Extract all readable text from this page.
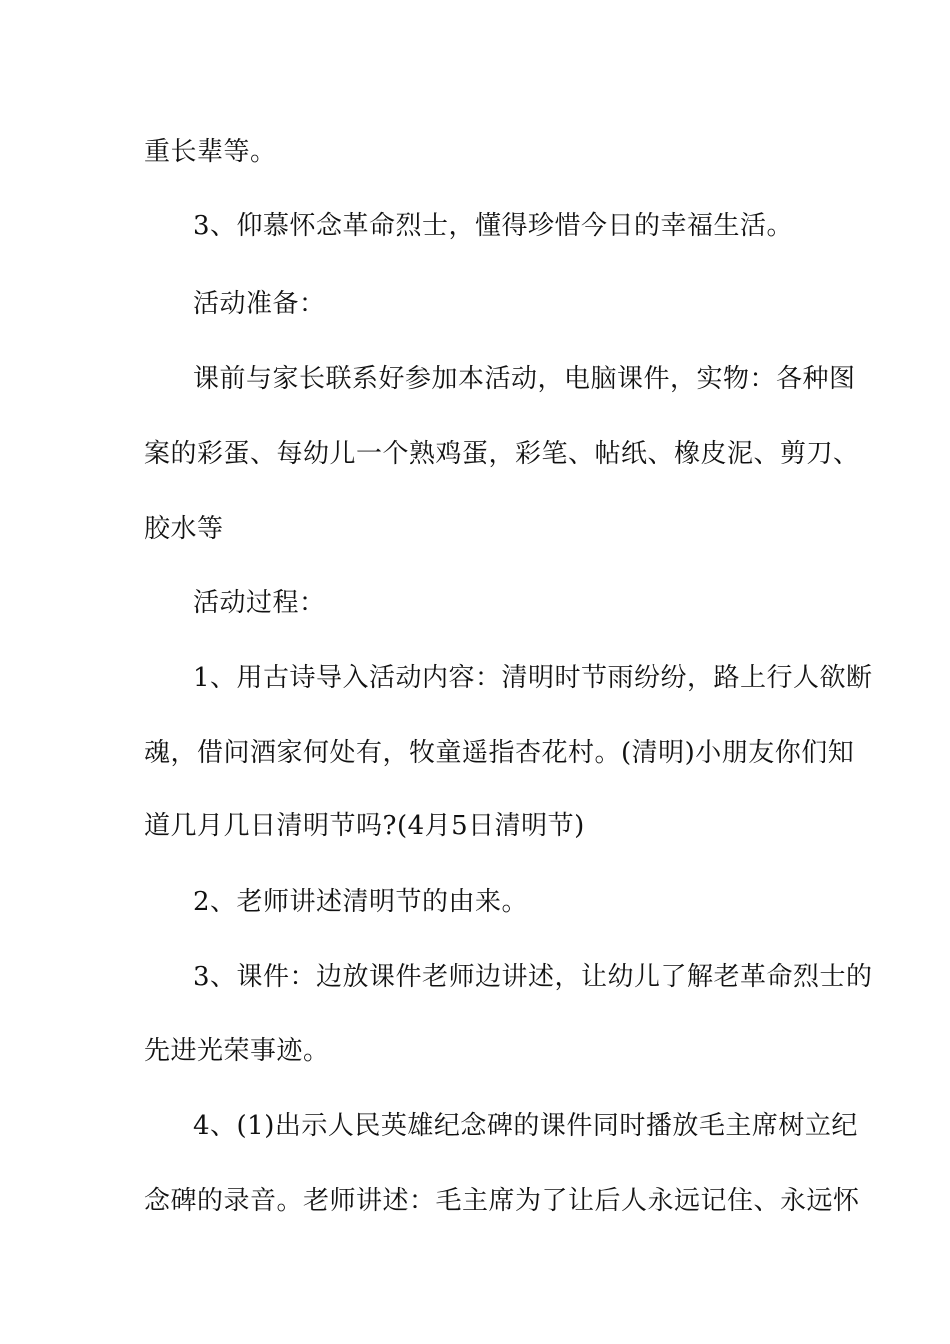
重长辈等。
3、仰慕怀念革命烈士，懂得珍惜今日的幸福生活。
活动准备：
课前与家长联系好参加本活动，电脑课件，实物：各种图
案的彩蛋、每幼儿一个熟鸡蛋，彩笔、帖纸、橡皮泥、剪刀、
胶水等
活动过程：
1、用古诗导入活动内容：清明时节雨纷纷，路上行人欲断
魂，借问酒家何处有，牧童遥指杏花村。(清明)小朋友你们知
道几月几日清明节吗?(4月5日清明节)
2、老师讲述清明节的由来。
3、课件：边放课件老师边讲述，让幼儿了解老革命烈士的
先进光荣事迹。
4、(1)出示人民英雄纪念碑的课件同时播放毛主席树立纪
念碑的录音。老师讲述：毛主席为了让后人永远记住、永远怀
